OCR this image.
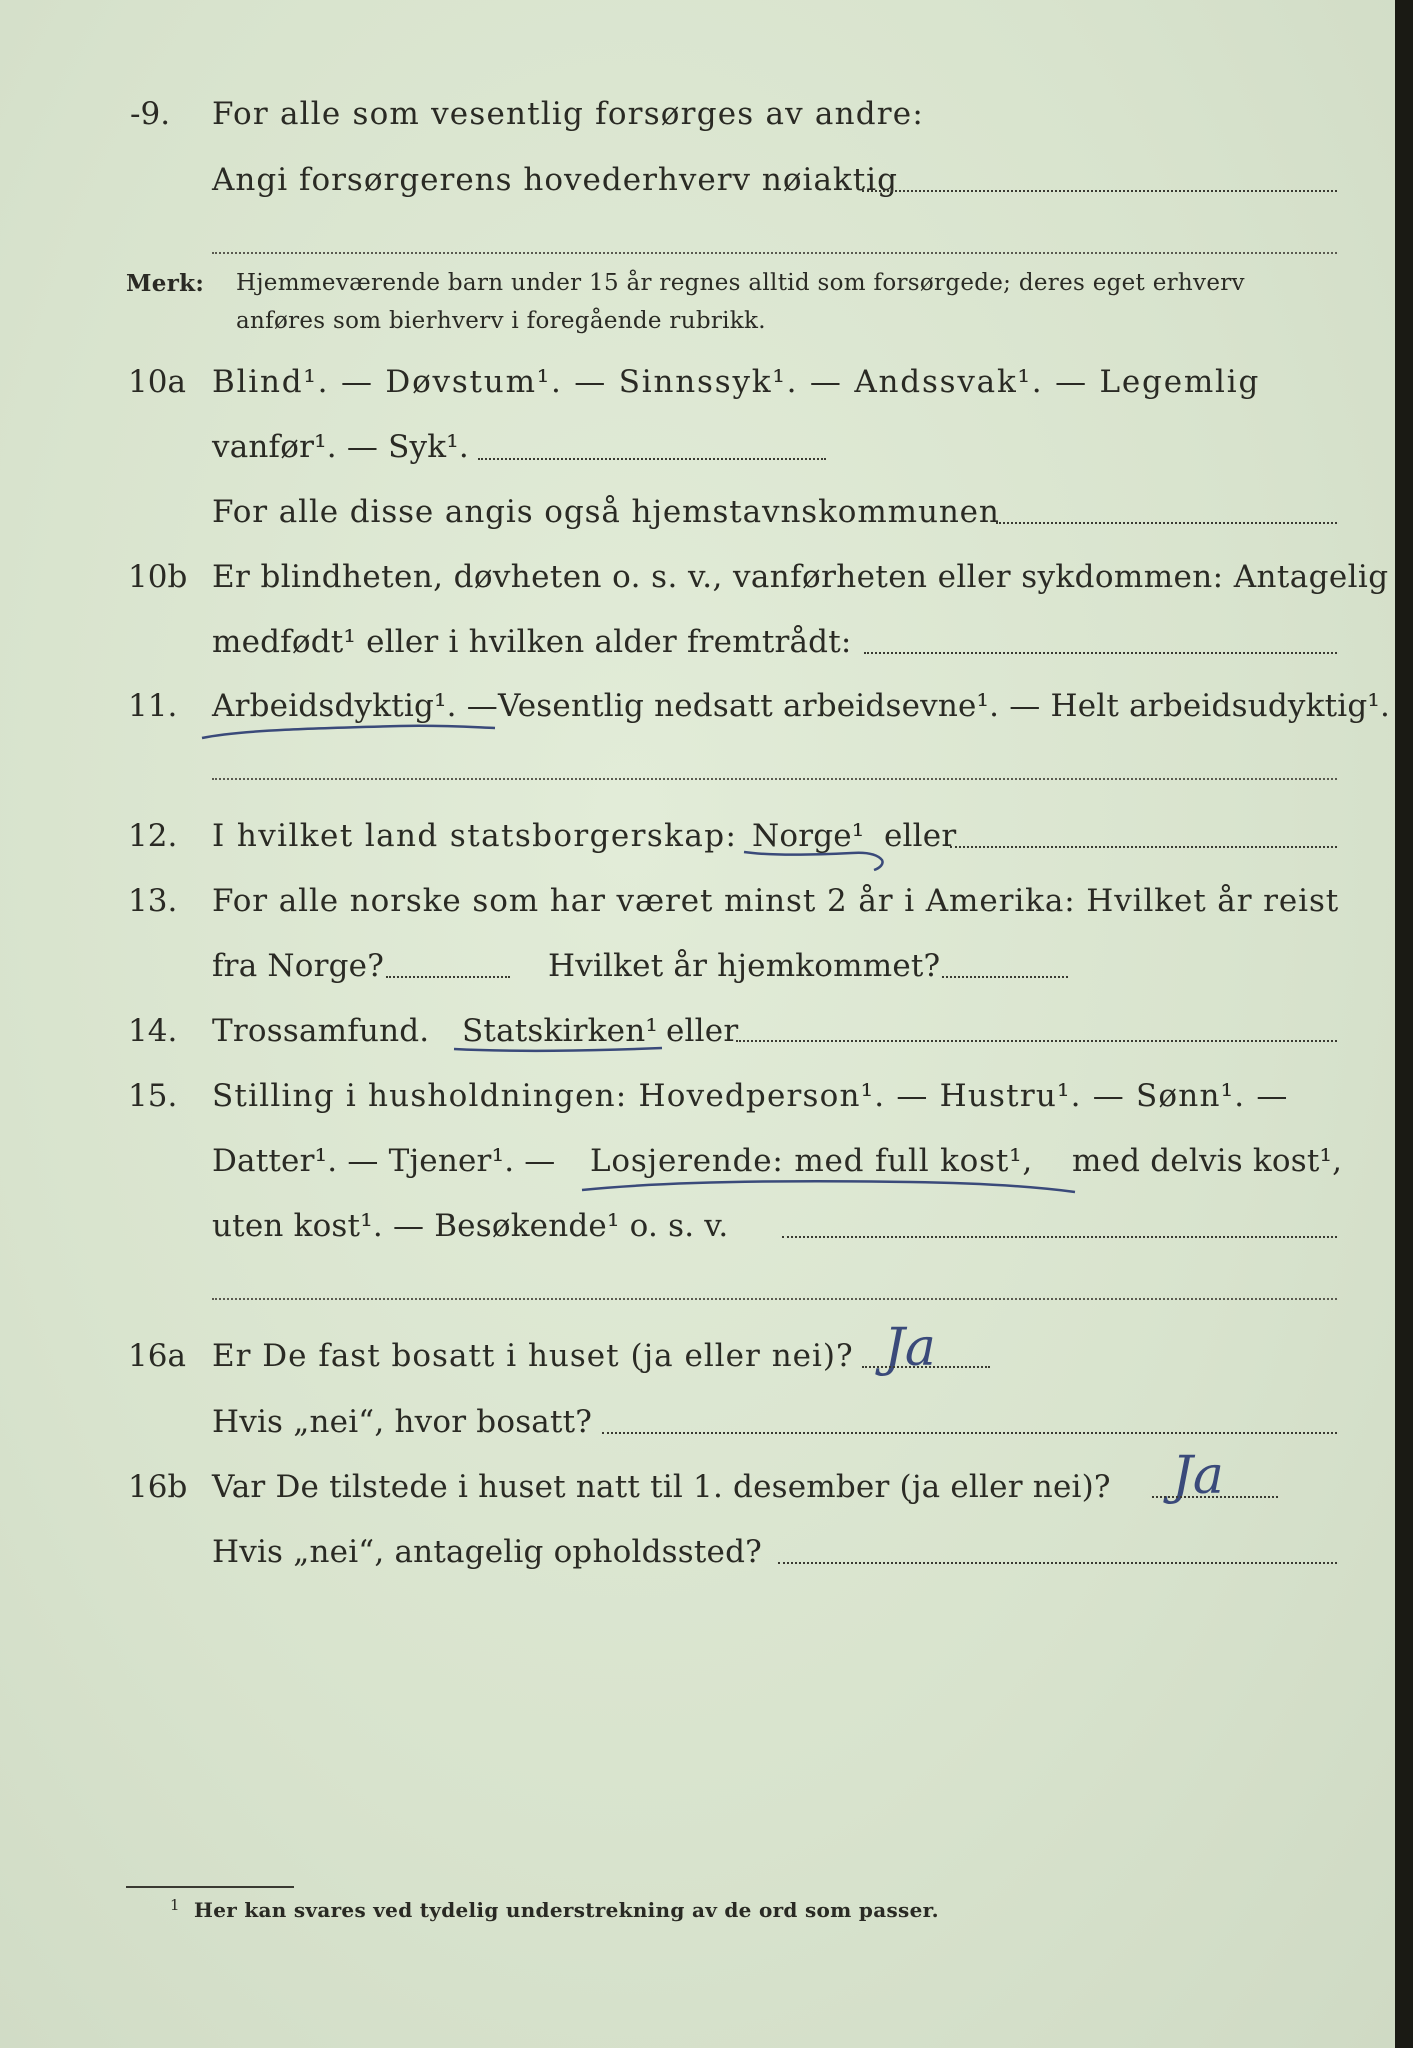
-9. For alle som vesentlig forsørges av andre:
Angi forsørgerens hovederhverv nøiaktig
Merk: Hjemmeværende barn under 15 år regnes alltid som forsørgede; deres eget erhverv
anføres som bierhverv i foregående rubrikk.
10a Blind¹. — Døvstum¹. — Sinnssyk¹. — Andssvak¹. — Legemlig
vanfør¹. — Syk¹.
For alle disse angis også hjemstavnskommunen
10b Er blindheten, døvheten o. s. v., vanførheten eller sykdommen: Antagelig
medfødt¹ eller i hvilken alder fremtrådt:
11. Arbeidsdyktig¹. — Vesentlig nedsatt arbeidsevne¹. — Helt arbeidsudyktig¹.
12. I hvilket land statsborgerskap: Norge¹ eller
13. For alle norske som har været minst 2 år i Amerika: Hvilket år reist
fra Norge?	Hvilket år hjemkommet?
14. Trossamfund. Statskirken¹ eller
15. Stilling i husholdningen: Hovedperson¹. — Hustru¹. — Sønn¹. —
Datter¹. — Tjener¹. — Losjerende: med full kost¹, med delvis kost¹,
uten kost¹. — Besøkende¹ o. s. v.
16a Er De fast bosatt i huset (ja eller nei)? Ja
Hvis „nei“, hvor bosatt?
16b Var De tilstede i huset natt til 1. desember (ja eller nei)? Ja
Hvis „nei“, antagelig opholdssted?
1 Her kan svares ved tydelig understrekning av de ord som passer.
